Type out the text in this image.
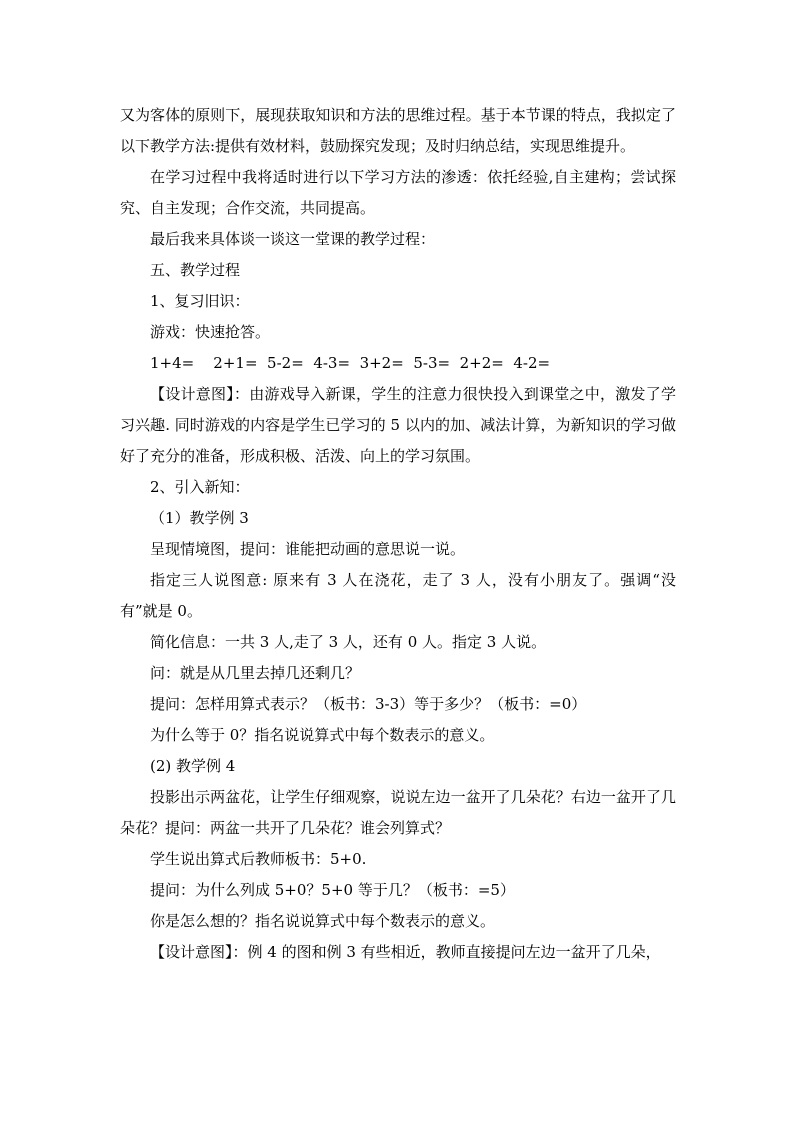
又为客体的原则下，展现获取知识和方法的思维过程。基于本节课的特点，我拟定了以下教学方法:提供有效材料，鼓励探究发现；及时归纳总结，实现思维提升。

在学习过程中我将适时进行以下学习方法的渗透：依托经验,自主建构；尝试探究、自主发现；合作交流，共同提高。

最后我来具体谈一谈这一堂课的教学过程：

五、教学过程

1、复习旧识：

游戏：快速抢答。

1+4=    2+1=  5-2=  4-3=  3+2=  5-3=  2+2=  4-2=

【设计意图】：由游戏导入新课，学生的注意力很快投入到课堂之中，激发了学习兴趣. 同时游戏的内容是学生已学习的 5 以内的加、减法计算，为新知识的学习做好了充分的准备，形成积极、活泼、向上的学习氛围。

2、引入新知：

（1）教学例 3

呈现情境图，提问：谁能把动画的意思说一说。

指定三人说图意: 原来有 3 人在浇花，走了 3 人，没有小朋友了。强调“没有”就是 0。

简化信息：一共 3 人,走了 3 人，还有 0 人。指定 3 人说。

问：就是从几里去掉几还剩几？

提问：怎样用算式表示？（板书：3-3）等于多少？（板书：=0）

为什么等于 0？指名说说算式中每个数表示的意义。

(2) 教学例 4

投影出示两盆花，让学生仔细观察，说说左边一盆开了几朵花？右边一盆开了几朵花？提问：两盆一共开了几朵花？谁会列算式？

学生说出算式后教师板书：5+0.

提问：为什么列成 5+0？5+0 等于几？（板书：=5）

你是怎么想的？指名说说算式中每个数表示的意义。

【设计意图】：例 4 的图和例 3 有些相近，教师直接提问左边一盆开了几朵，
